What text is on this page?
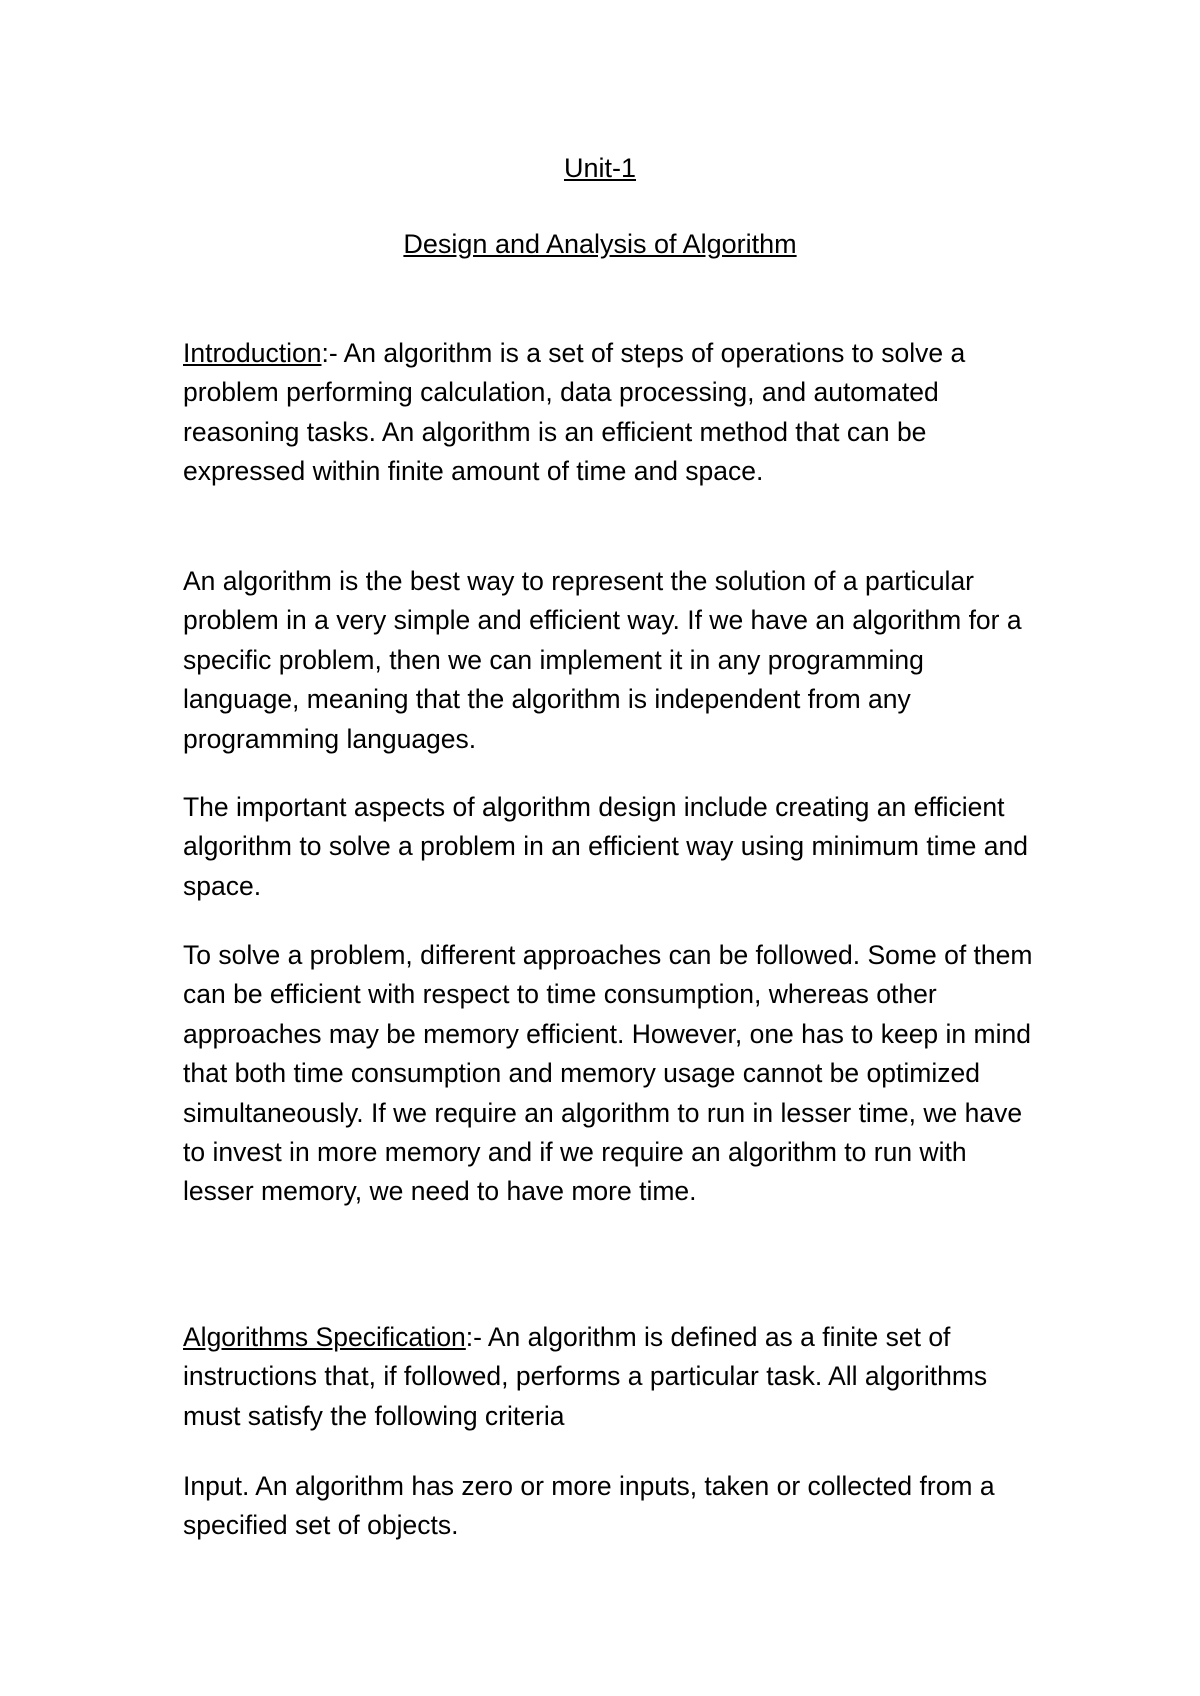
Unit-1
Design and Analysis of Algorithm

Introduction:- An algorithm is a set of steps of operations to solve a problem performing calculation, data processing, and automated reasoning tasks. An algorithm is an efficient method that can be expressed within finite amount of time and space.

An algorithm is the best way to represent the solution of a particular problem in a very simple and efficient way. If we have an algorithm for a specific problem, then we can implement it in any programming language, meaning that the algorithm is independent from any programming languages.

The important aspects of algorithm design include creating an efficient algorithm to solve a problem in an efficient way using minimum time and space.

To solve a problem, different approaches can be followed. Some of them can be efficient with respect to time consumption, whereas other approaches may be memory efficient. However, one has to keep in mind that both time consumption and memory usage cannot be optimized simultaneously. If we require an algorithm to run in lesser time, we have to invest in more memory and if we require an algorithm to run with lesser memory, we need to have more time.

Algorithms Specification:- An algorithm is defined as a finite set of instructions that, if followed, performs a particular task. All algorithms must satisfy the following criteria

Input. An algorithm has zero or more inputs, taken or collected from a specified set of objects.
